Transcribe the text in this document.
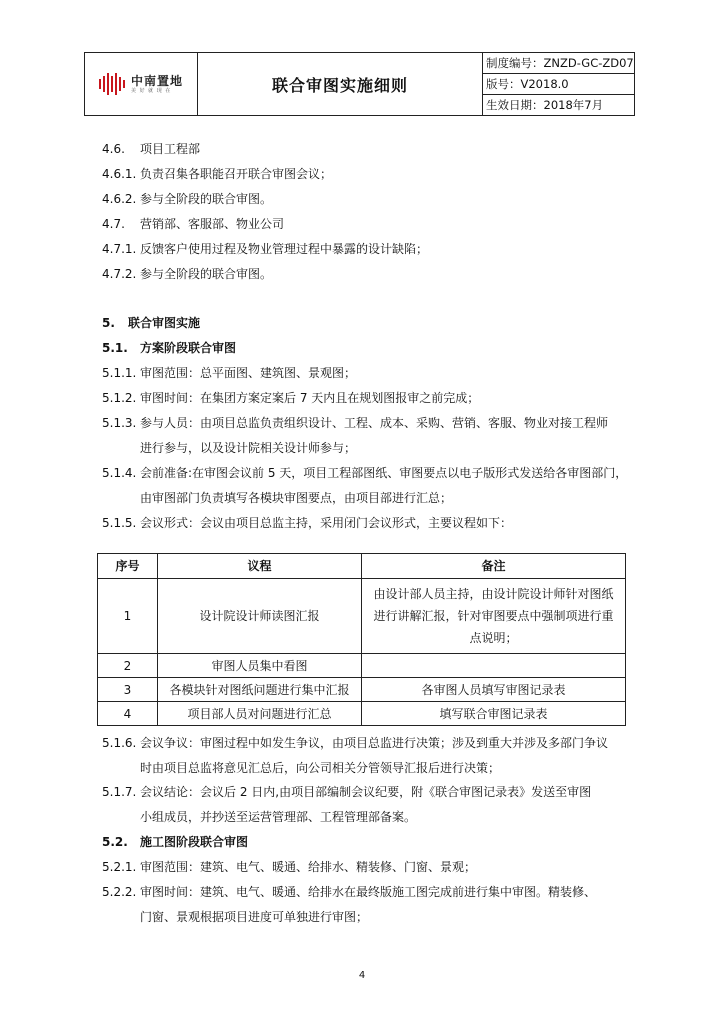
中南置地
美 好 就 现 在	联合审图实施细则
制度编号：ZNZD-GC-ZD07
版号：V2018.0
生效日期：2018年7月
4.6. 项目工程部
4.6.1. 负责召集各职能召开联合审图会议；
4.6.2. 参与全阶段的联合审图。
4.7. 营销部、客服部、物业公司
4.7.1. 反馈客户使用过程及物业管理过程中暴露的设计缺陷；
4.7.2. 参与全阶段的联合审图。
5. 联合审图实施
5.1. 方案阶段联合审图
5.1.1. 审图范围：总平面图、建筑图、景观图；
5.1.2. 审图时间：在集团方案定案后 7 天内且在规划图报审之前完成；
5.1.3. 参与人员：由项目总监负责组织设计、工程、成本、采购、营销、客服、物业对接工程师
进行参与，以及设计院相关设计师参与；
5.1.4. 会前准备:在审图会议前 5 天，项目工程部图纸、审图要点以电子版形式发送给各审图部门，
由审图部门负责填写各模块审图要点，由项目部进行汇总；
5.1.5. 会议形式：会议由项目总监主持，采用闭门会议形式，主要议程如下：
序号	议程	备注
1	设计院设计师读图汇报	由设计部人员主持，由设计院设计师针对图纸
进行讲解汇报，针对审图要点中强制项进行重
点说明；

2	审图人员集中看图	
3	各模块针对图纸问题进行集中汇报	各审图人员填写审图记录表
4	项目部人员对问题进行汇总	填写联合审图记录表
5.1.6. 会议争议：审图过程中如发生争议，由项目总监进行决策；涉及到重大并涉及多部门争议
时由项目总监将意见汇总后，向公司相关分管领导汇报后进行决策；
5.1.7. 会议结论：会议后 2 日内,由项目部编制会议纪要，附《联合审图记录表》发送至审图
小组成员，并抄送至运营管理部、工程管理部备案。
5.2. 施工图阶段联合审图
5.2.1. 审图范围：建筑、电气、暖通、给排水、精装修、门窗、景观；
5.2.2. 审图时间：建筑、电气、暖通、给排水在最终版施工图完成前进行集中审图。精装修、
门窗、景观根据项目进度可单独进行审图；
4
